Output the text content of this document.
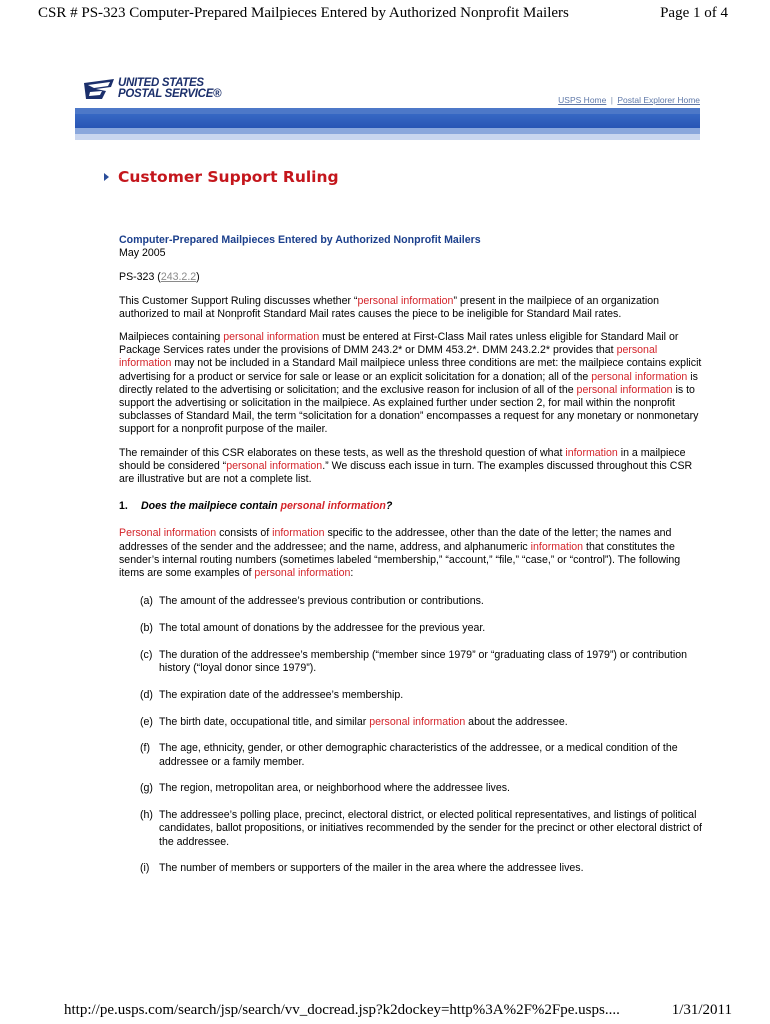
CSR # PS-323 Computer-Prepared Mailpieces Entered by Authorized Nonprofit Mailers	Page 1 of 4
UNITED STATES
POSTAL SERVICE®	USPS Home | Postal Explorer Home
Customer Support Ruling

Computer-Prepared Mailpieces Entered by Authorized Nonprofit Mailers
May 2005

PS-323 (243.2.2)

This Customer Support Ruling discusses whether “personal information” present in the mailpiece of an organization authorized to mail at Nonprofit Standard Mail rates causes the piece to be ineligible for Standard Mail rates.

Mailpieces containing personal information must be entered at First-Class Mail rates unless eligible for Standard Mail or Package Services rates under the provisions of DMM 243.2* or DMM 453.2*. DMM 243.2.2* provides that personal information may not be included in a Standard Mail mailpiece unless three conditions are met: the mailpiece contains explicit advertising for a product or service for sale or lease or an explicit solicitation for a donation; all of the personal information is directly related to the advertising or solicitation; and the exclusive reason for inclusion of all of the personal information is to support the advertising or solicitation in the mailpiece. As explained further under section 2, for mail within the nonprofit subclasses of Standard Mail, the term “solicitation for a donation” encompasses a request for any monetary or nonmonetary support for a nonprofit purpose of the mailer.

The remainder of this CSR elaborates on these tests, as well as the threshold question of what information in a mailpiece should be considered “personal information.” We discuss each issue in turn. The examples discussed throughout this CSR are illustrative but are not a complete list.

1. Does the mailpiece contain personal information?

Personal information consists of information specific to the addressee, other than the date of the letter; the names and addresses of the sender and the addressee; and the name, address, and alphanumeric information that constitutes the sender’s internal routing numbers (sometimes labeled “membership,” “account,” “file,” “case,” or “control”). The following items are some examples of personal information:

(a) The amount of the addressee’s previous contribution or contributions.
(b) The total amount of donations by the addressee for the previous year.
(c) The duration of the addressee’s membership (“member since 1979” or “graduating class of 1979”) or contribution history (“loyal donor since 1979”).
(d) The expiration date of the addressee’s membership.
(e) The birth date, occupational title, and similar personal information about the addressee.
(f) The age, ethnicity, gender, or other demographic characteristics of the addressee, or a medical condition of the addressee or a family member.
(g) The region, metropolitan area, or neighborhood where the addressee lives.
(h) The addressee’s polling place, precinct, electoral district, or elected political representatives, and listings of political candidates, ballot propositions, or initiatives recommended by the sender for the precinct or other electoral district of the addressee.
(i) The number of members or supporters of the mailer in the area where the addressee lives.
http://pe.usps.com/search/jsp/search/vv_docread.jsp?k2dockey=http%3A%2F%2Fpe.usps....	1/31/2011
